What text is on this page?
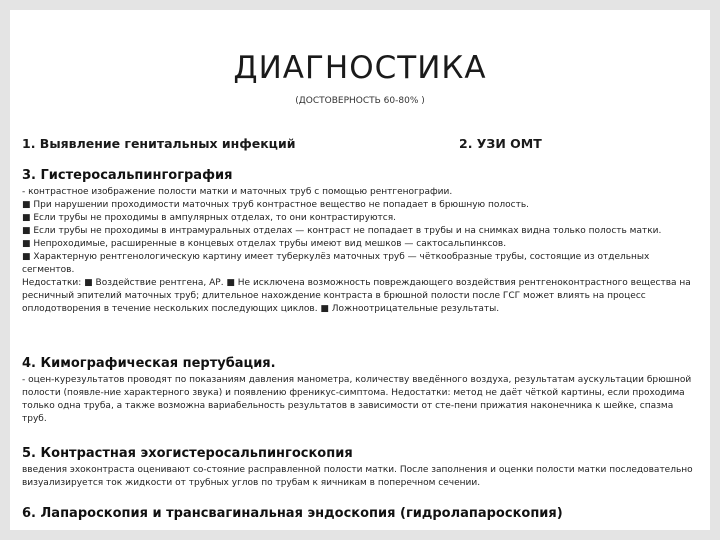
ДИАГНОСТИКА
(ДОСТОВЕРНОСТЬ 60-80% )
1. Выявление генитальных инфекций	2. УЗИ ОМТ
3. Гистеросальпингография

- контрастное изображение полости матки и маточных труб с помощью рентгенографии.

■ При нарушении проходимости маточных труб контрастное вещество не попадает в брюшную полость.

■ Если трубы не проходимы в ампулярных отделах, то они контрастируются.

■ Если трубы не проходимы в интрамуральных отделах — контраст не попадает в трубы и на снимках видна только полость матки.

■ Непроходимые, расширенные в концевых отделах трубы имеют вид мешков — сактосальпинксов.

■ Характерную рентгенологическую картину имеет туберкулёз маточных труб — чёткообразные трубы, состоящие из отдельных сегментов.

Недостатки: ■ Воздействие рентгена, АР. ■ Не исключена возможность повреждающего воздействия рентгеноконтрастного вещества на ресничный эпителий маточных труб; длительное нахождение контраста в брюшной полости после ГСГ может влиять на процесс оплодотворения в течение нескольких последующих циклов. ■ Ложноотрицательные результаты.

4. Кимографическая пертубация.

- оцен-курезультатов проводят по показаниям давления манометра, количеству введённого воздуха, результатам аускультации брюшной полости (появле-ние характерного звука) и появлению френикус-симптома. Недостатки: метод не даёт чёткой картины, если проходима только одна труба, а также возможна вариабельность результатов в зависимости от сте-пени прижатия наконечника к шейке, спазма труб.

5. Контрастная эхогистеросальпингоскопия

введения эхоконтраста оценивают со-стояние расправленной полости матки. После заполнения и оценки полости матки последовательно визуализируется ток жидкости от трубных углов по трубам к яичникам в поперечном сечении.

6. Лапароскопия и трансвагинальная эндоскопия (гидролапароскопия)
